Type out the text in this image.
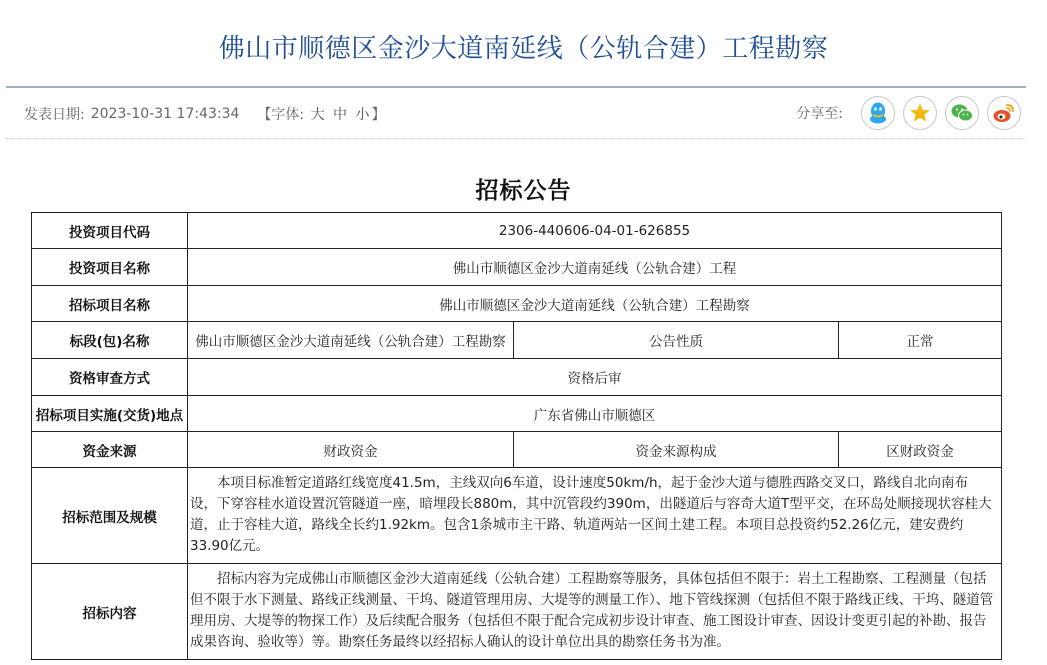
佛山市顺德区金沙大道南延线（公轨合建）工程勘察
发表日期: 2023-10-31 17:43:34 【字体: 大 中 小 】	分享至:
招标公告
投资项目代码	2306-440606-04-01-626855		
投资项目名称	佛山市顺德区金沙大道南延线（公轨合建）工程		
招标项目名称	佛山市顺德区金沙大道南延线（公轨合建）工程勘察		
标段(包)名称	佛山市顺德区金沙大道南延线（公轨合建）工程勘察	公告性质	正常
资格审查方式	资格后审		
招标项目实施(交货)地点	广东省佛山市顺德区		
资金来源	财政资金	资金来源构成	区财政资金
招标范围及规模	本项目标准暂定道路红线宽度41.5m，主线双向6车道，设计速度50km/h，起于金沙大道与德胜西路交叉口，路线自北向南布设，下穿容桂水道设置沉管隧道一座，暗埋段长880m，其中沉管段约390m，出隧道后与容奇大道T型平交，在环岛处顺接现状容桂大道，止于容桂大道，路线全长约1.92km。包含1条城市主干路、轨道两站一区间土建工程。本项目总投资约52.26亿元，建安费约33.90亿元。		
招标内容	招标内容为完成佛山市顺德区金沙大道南延线（公轨合建）工程勘察等服务，具体包括但不限于：岩土工程勘察、工程测量（包括但不限于水下测量、路线正线测量、干坞、隧道管理用房、大堤等的测量工作）、地下管线探测（包括但不限于路线正线、干坞、隧道管理用房、大堤等的物探工作）及后续配合服务（包括但不限于配合完成初步设计审查、施工图设计审查、因设计变更引起的补勘、报告成果咨询、验收等）等。勘察任务最终以经招标人确认的设计单位出具的勘察任务书为准。		
